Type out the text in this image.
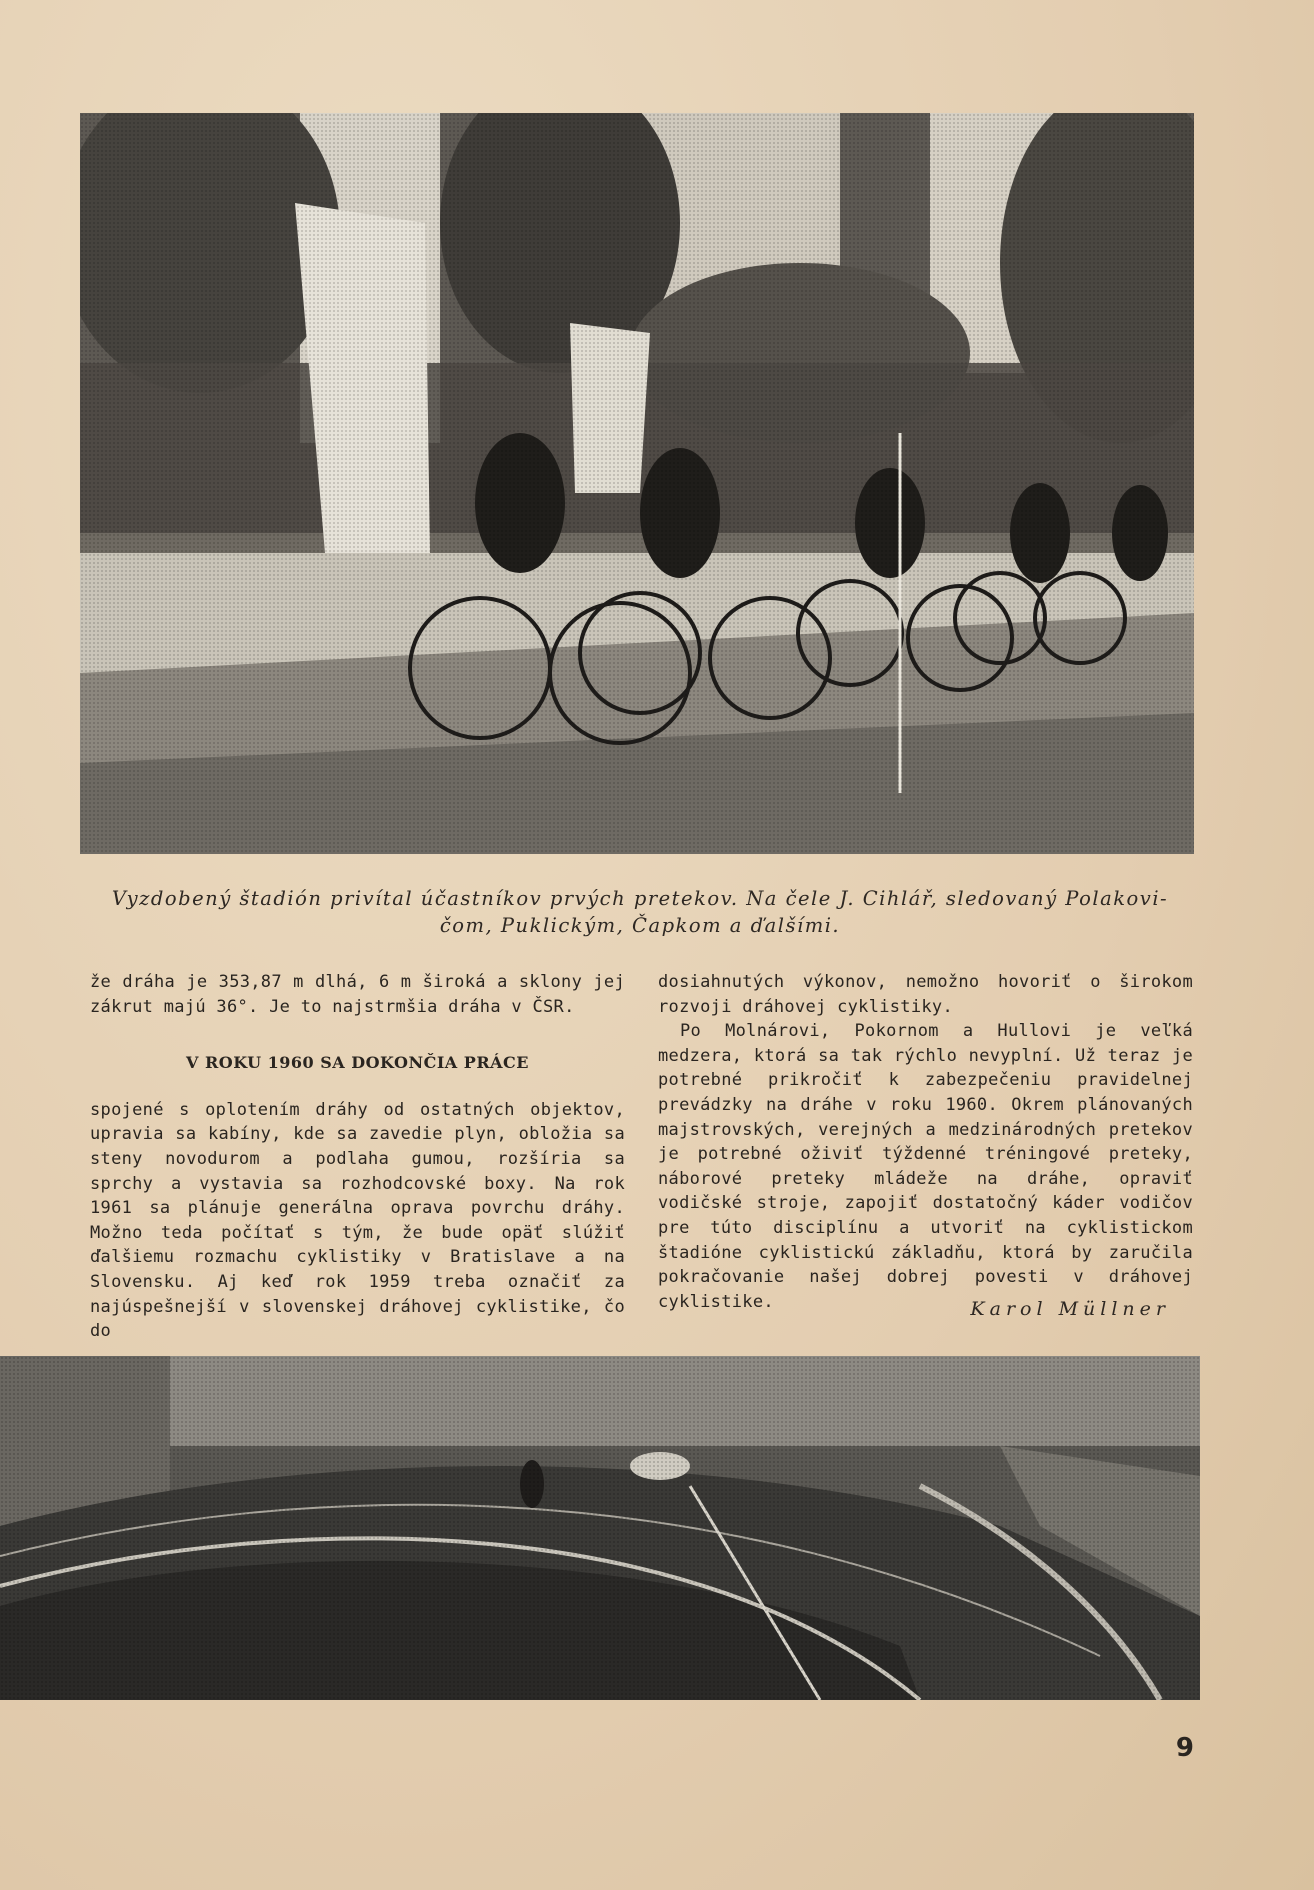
Vyzdobený štadión privítal účastníkov prvých pretekov. Na čele J. Cihlář, sledovaný Polakovi-
čom, Puklickým, Čapkom a ďalšími.

že dráha je 353,87 m dlhá, 6 m široká a sklony jej zákrut majú 36°. Je to najstrmšia dráha v ČSR.

V ROKU 1960 SA DOKONČIA PRÁCE

spojené s oplotením dráhy od ostatných objektov, upravia sa kabíny, kde sa zavedie plyn, obložia sa steny novodurom a podlaha gumou, rozšíria sa sprchy a vystavia sa rozhodcovské boxy. Na rok 1961 sa plánuje generálna oprava povrchu dráhy. Možno teda počítať s tým, že bude opäť slúžiť ďalšiemu rozmachu cyklistiky v Bratislave a na Slovensku. Aj keď rok 1959 treba označiť za najúspešnejší v slovenskej dráhovej cyklistike, čo do

dosiahnutých výkonov, nemožno hovoriť o širokom rozvoji dráhovej cyklistiky.

Po Molnárovi, Pokornom a Hullovi je veľká medzera, ktorá sa tak rýchlo nevyplní. Už teraz je potrebné prikročiť k zabezpečeniu pravidelnej prevádzky na dráhe v roku 1960. Okrem plánovaných majstrovských, verejných a medzinárodných pretekov je potrebné oživiť týždenné tréningové preteky, náborové preteky mládeže na dráhe, opraviť vodičské stroje, zapojiť dostatočný káder vodičov pre túto disciplínu a utvoriť na cyklistickom štadióne cyklistickú základňu, ktorá by zaručila pokračovanie našej dobrej povesti v dráhovej cyklistike.	Karol Müllner
9
